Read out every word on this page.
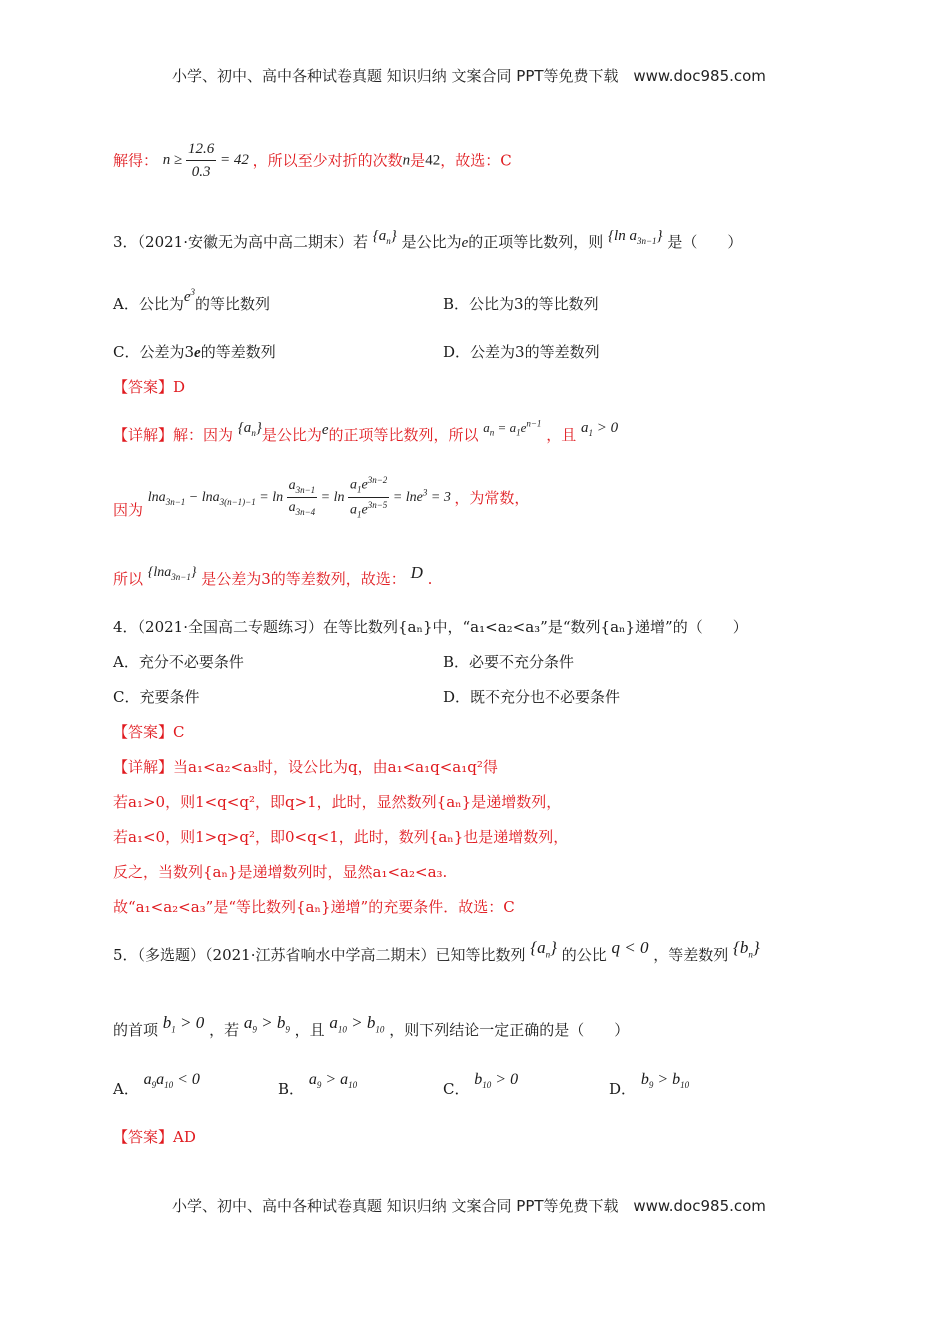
小学、初中、高中各种试卷真题 知识归纳 文案合同 PPT等免费下载 www.doc985.com
解得： $n \ge \frac{12.6}{0.3} = 42$ ，所以至少对折的次数n是42，故选：C
3．（2021·安徽无为高中高二期末）若 $\{a_n\}$ 是公比为e的正项等比数列，则 {ln $a_{3n-1}$} 是（　　）
A．公比为$e^3$的等比数列	B．公比为3的等比数列
C．公差为3e的等差数列	D．公差为3的等差数列
【答案】D
【详解】解：因为 $\{a_n\}$是公比为e的正项等比数列，所以 $a_n = a_1e^{n-1}$ ，且 $a_1 > 0$
因为 $\ln a_{3n-1} - \ln a_{3(n-1)-1} = \ln \frac{a_{3n-1}}{a_{3n-4}} = \ln \frac{a_1e^{3n-2}}{a_1e^{3n-5}} = \ln e^3 = 3$ ，为常数，
所以 {lna$_{3n-1}$} 是公差为3的等差数列，故选： D .
4．（2021·全国高二专题练习）在等比数列{aₙ}中，“a₁<a₂<a₃”是“数列{aₙ}递增”的（　　）
A．充分不必要条件	B．必要不充分条件
C．充要条件	D．既不充分也不必要条件
【答案】C
【详解】当a₁<a₂<a₃时，设公比为q，由a₁<a₁q<a₁q²得
若a₁>0，则1<q<q²，即q>1，此时，显然数列{aₙ}是递增数列，
若a₁<0，则1>q>q²，即0<q<1，此时，数列{aₙ}也是递增数列，
反之，当数列{aₙ}是递增数列时，显然a₁<a₂<a₃.
故“a₁<a₂<a₃”是“等比数列{aₙ}递增”的充要条件．故选：C
5．（多选题）（2021·江苏省响水中学高二期末）已知等比数列 $\{a_n\}$ 的公比 q < 0 ，等差数列 $\{b_n\}$
的首项 $b_1 > 0$ ，若 $a_9 > b_9$ ，且 $a_{10} > b_{10}$ ，则下列结论一定正确的是（　　）
A． $a_9a_{10} < 0$
B． $a_9 > a_{10}$	C． $b_{10} > 0$
D． $b_9 > b_{10}$
【答案】AD
小学、初中、高中各种试卷真题 知识归纳 文案合同 PPT等免费下载 www.doc985.com
